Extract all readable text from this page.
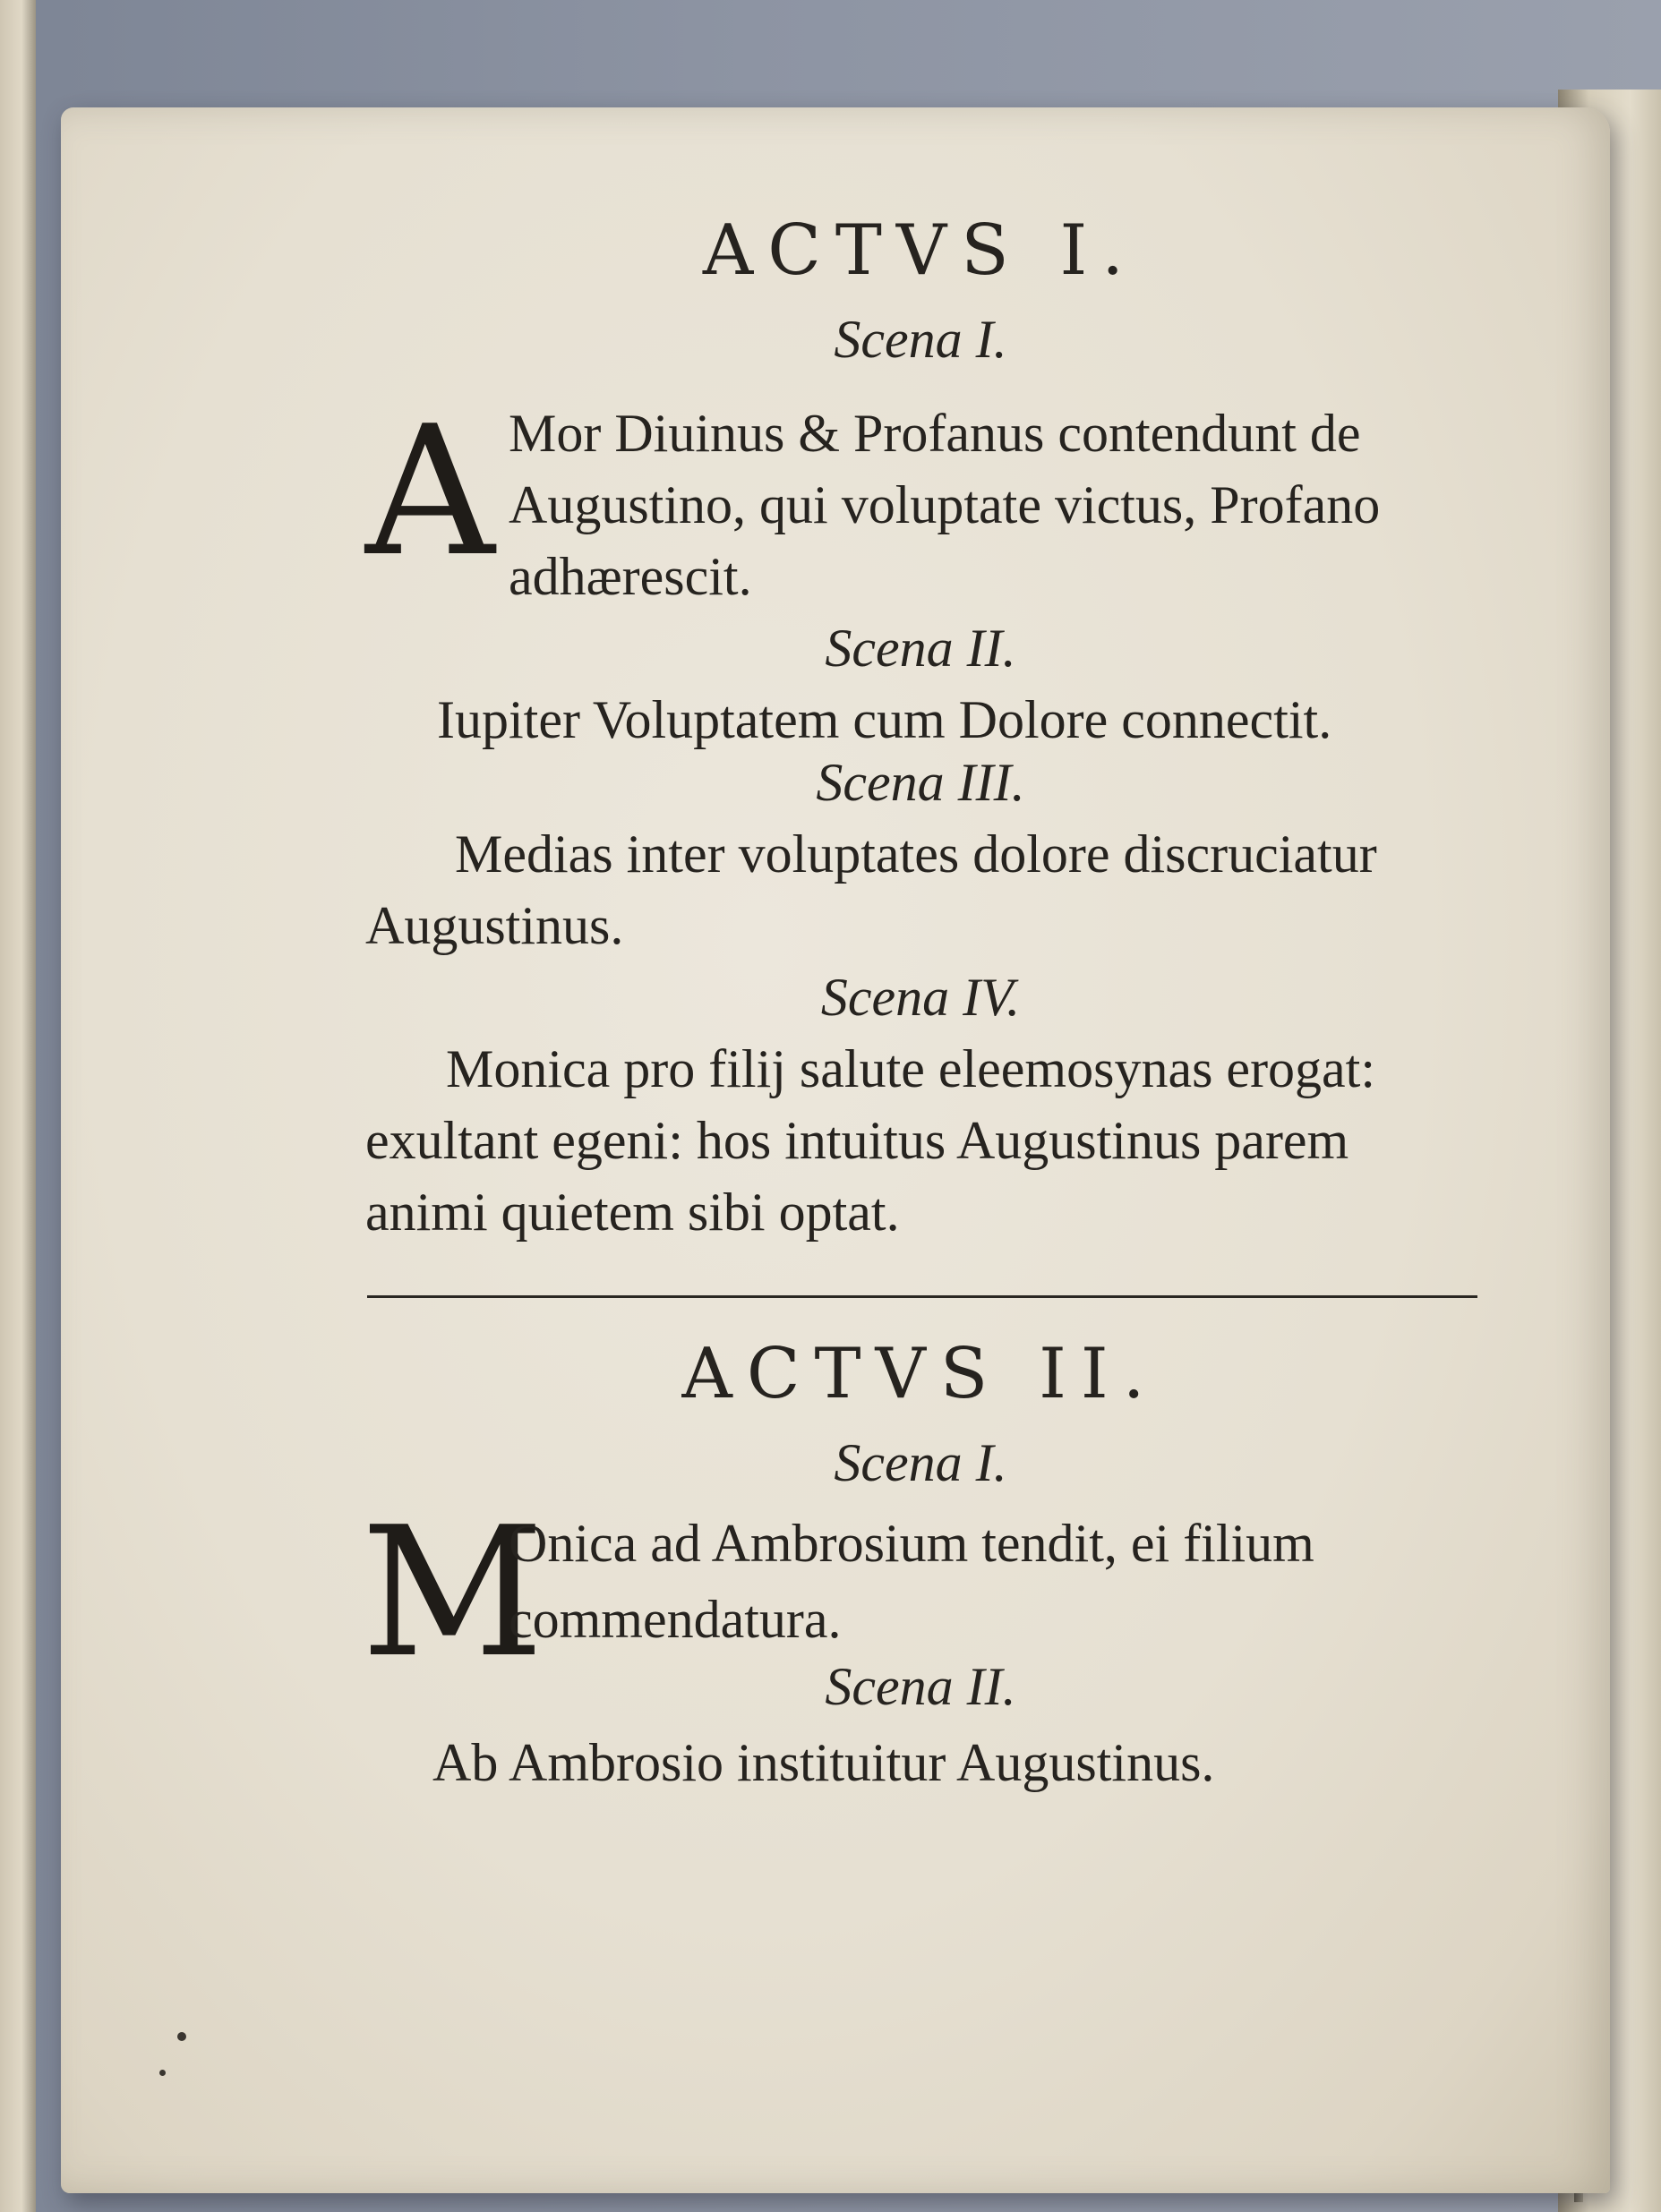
ACTVS I.
Scena I.
A Mor Diuinus & Profanus contendunt de
Augustino, qui voluptate victus, Profano
adhærescit.
Scena II.
Iupiter Voluptatem cum Dolore connectit.
Scena III.
Medias inter voluptates dolore discruciatur
Augustinus.
Scena IV.
Monica pro filij salute eleemosynas erogat:
exultant egeni: hos intuitus Augustinus parem
animi quietem sibi optat.
ACTVS II.
Scena I.
M
Onica ad Ambrosium tendit, ei filium
commendatura.
Scena II.
Ab Ambrosio instituitur Augustinus.
